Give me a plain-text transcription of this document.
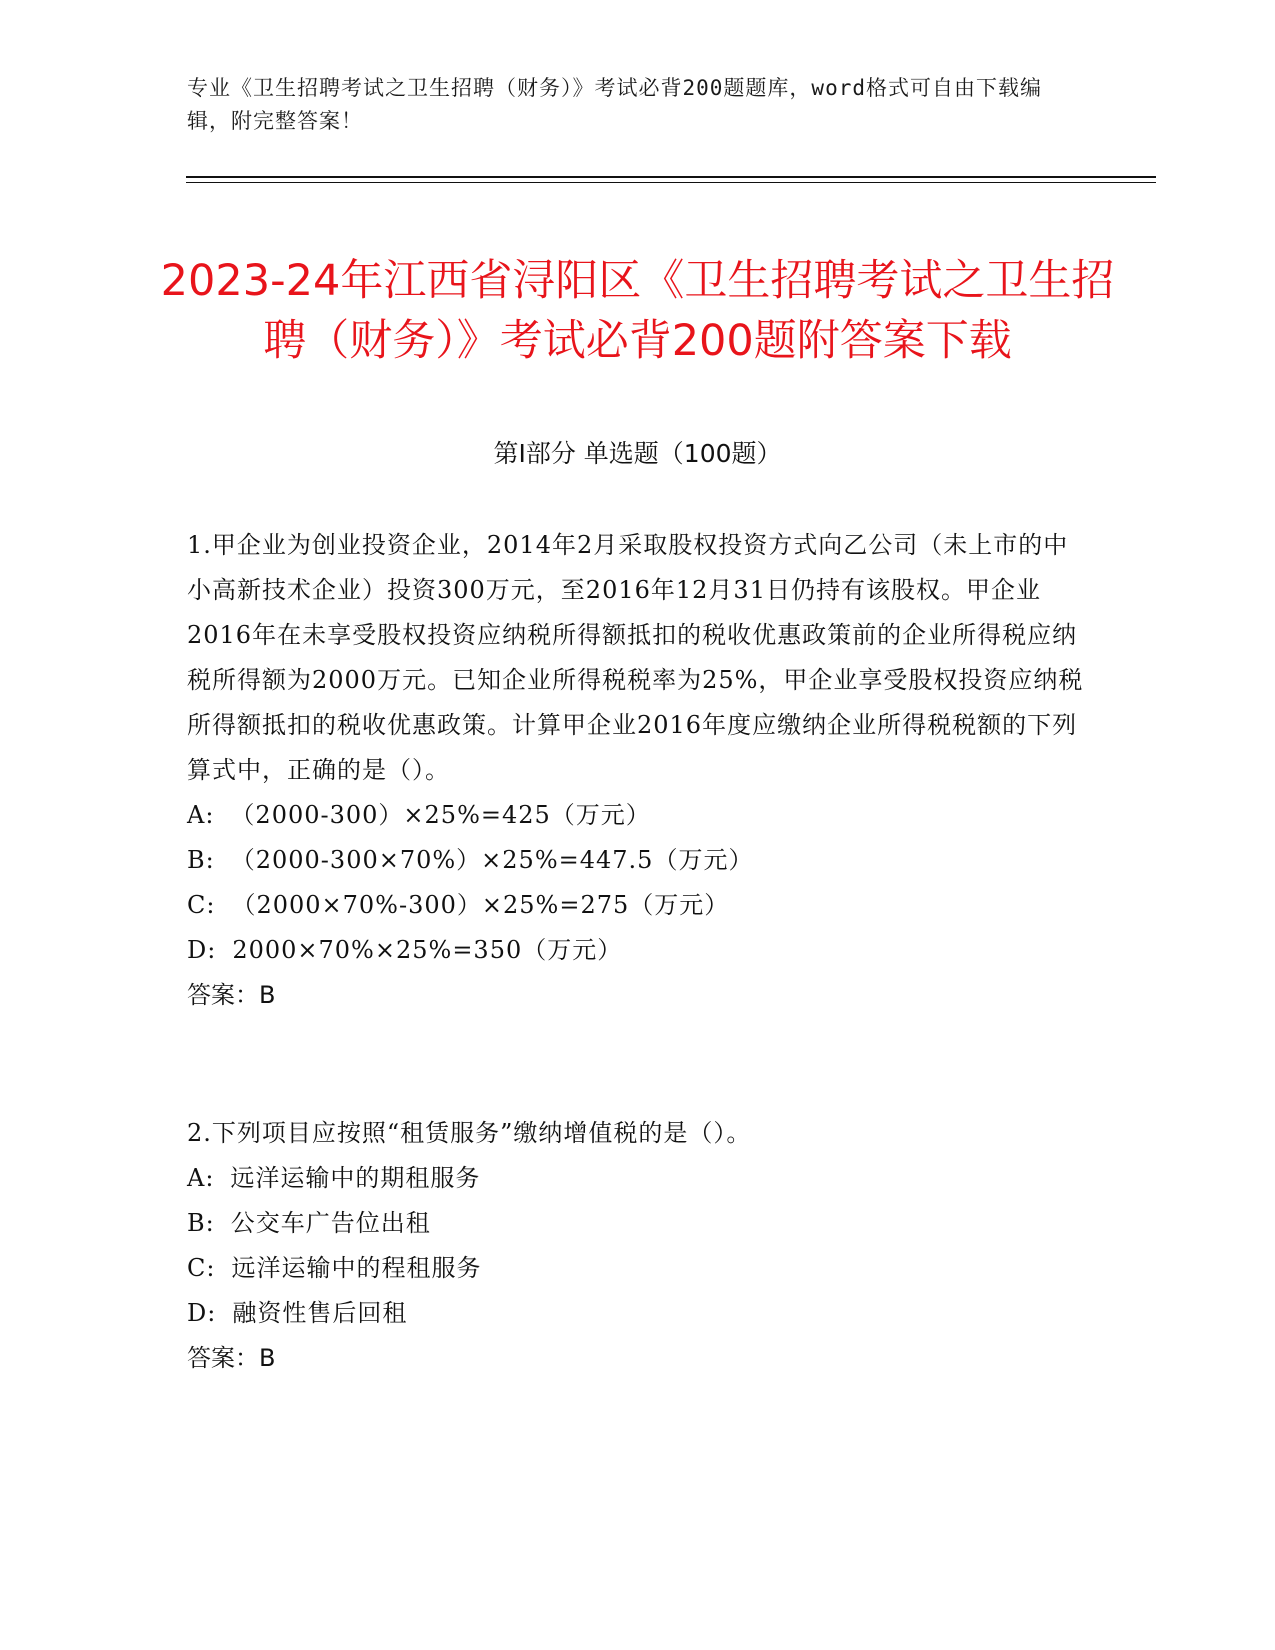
专业《卫生招聘考试之卫生招聘（财务）》考试必背200题题库，word格式可自由下载编辑，附完整答案！
2023-24年江西省浔阳区《卫生招聘考试之卫生招聘（财务）》考试必背200题附答案下载
第I部分 单选题（100题）
1.甲企业为创业投资企业，2014年2月采取股权投资方式向乙公司（未上市的中小高新技术企业）投资300万元，至2016年12月31日仍持有该股权。甲企业2016年在未享受股权投资应纳税所得额抵扣的税收优惠政策前的企业所得税应纳税所得额为2000万元。已知企业所得税税率为25%，甲企业享受股权投资应纳税所得额抵扣的税收优惠政策。计算甲企业2016年度应缴纳企业所得税税额的下列算式中，正确的是（）。
A: （2000-300）×25%=425（万元）
B: （2000-300×70%）×25%=447.5（万元）
C: （2000×70%-300）×25%=275（万元）
D: 2000×70%×25%=350（万元）
答案：B
2.下列项目应按照“租赁服务”缴纳增值税的是（）。
A: 远洋运输中的期租服务
B: 公交车广告位出租
C: 远洋运输中的程租服务
D: 融资性售后回租
答案：B
